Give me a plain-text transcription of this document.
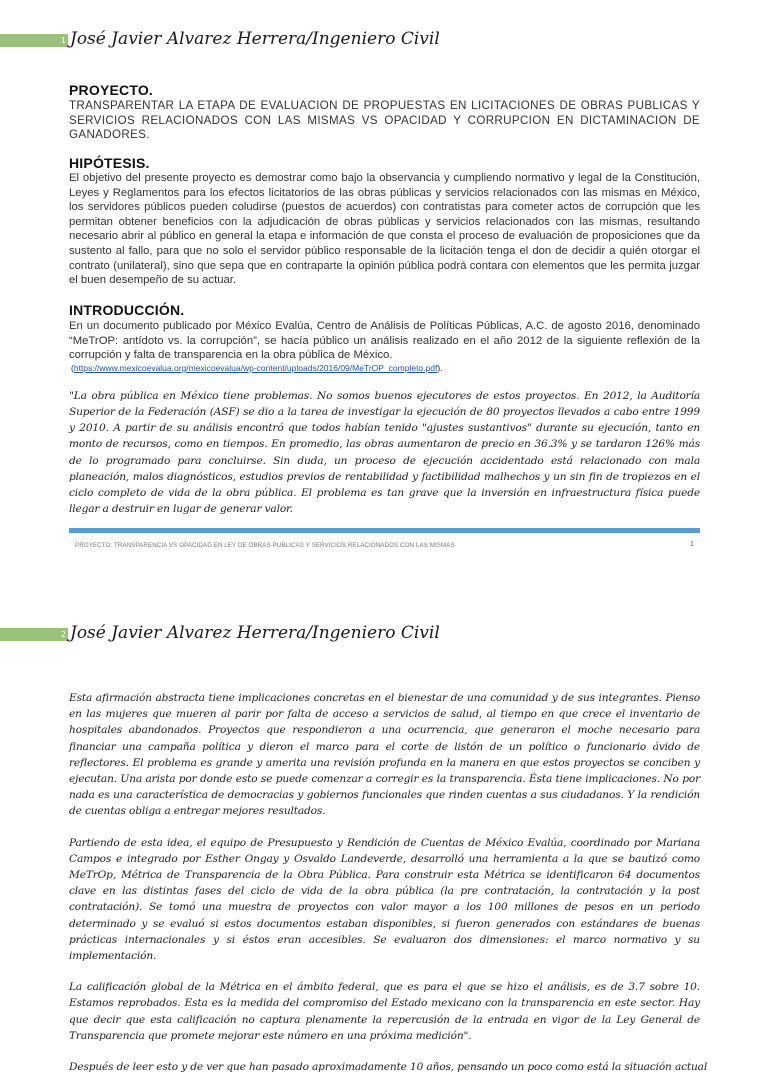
1 José Javier Alvarez Herrera/Ingeniero Civil
PROYECTO.

TRANSPARENTAR LA ETAPA DE EVALUACION DE PROPUESTAS EN LICITACIONES DE OBRAS PUBLICAS Y SERVICIOS RELACIONADOS CON LAS MISMAS VS OPACIDAD Y CORRUPCION EN DICTAMINACION DE GANADORES.

HIPÓTESIS.

El objetivo del presente proyecto es demostrar como bajo la observancia y cumpliendo normativo y legal de la Constitución, Leyes y Reglamentos para los efectos licitatorios de las obras públicas y servicios relacionados con las mismas en México, los servidores públicos pueden coludirse (puestos de acuerdos) con contratistas para cometer actos de corrupción que les permitan obtener beneficios con la adjudicación de obras públicas y servicios relacionados con las mismas, resultando necesario abrir al público en general la etapa e información de que consta el proceso de evaluación de proposiciones que da sustento al fallo, para que no solo el servidor público responsable de la licitación tenga el don de decidir a quién otorgar el contrato (unilateral), sino que sepa que en contraparte la opinión pública podrá contara con elementos que les permita juzgar el buen desempeño de su actuar.

INTRODUCCIÓN.

En un documento publicado por México Evalúa, Centro de Análisis de Políticas Públicas, A.C. de agosto 2016, denominado “MeTrOP: antídoto vs. la corrupción”, se hacía público un análisis realizado en el año 2012 de la siguiente reflexión de la corrupción y falta de transparencia en la obra pública de México.

(https://www.mexicoevalua.org/mexicoevalua/wp-content/uploads/2016/09/MeTrOP_completo.pdf).

"La obra pública en México tiene problemas. No somos buenos ejecutores de estos proyectos. En 2012, la Auditoría Superior de la Federación (ASF) se dio a la tarea de investigar la ejecución de 80 proyectos llevados a cabo entre 1999 y 2010. A partir de su análisis encontró que todos habían tenido "ajustes sustantivos" durante su ejecución, tanto en monto de recursos, como en tiempos. En promedio, las obras aumentaron de precio en 36.3% y se tardaron 126% más de lo programado para concluirse. Sin duda, un proceso de ejecución accidentado está relacionado con mala planeación, malos diagnósticos, estudios previos de rentabilidad y factibilidad malhechos y un sin fin de tropiezos en el ciclo completo de vida de la obra pública. El problema es tan grave que la inversión en infraestructura física puede llegar a destruir en lugar de generar valor.

PROYECTO: TRANSPARENCIA VS OPACIDAD EN LEY DE OBRAS PUBLICAS Y SERVICIOS RELACIONADOS CON LAS MISMAS	1
2 José Javier Alvarez Herrera/Ingeniero Civil

Esta afirmación abstracta tiene implicaciones concretas en el bienestar de una comunidad y de sus integrantes. Pienso en las mujeres que mueren al parir por falta de acceso a servicios de salud, al tiempo en que crece el inventario de hospitales abandonados. Proyectos que respondieron a una ocurrencia, que generaron el moche necesario para financiar una campaña política y dieron el marco para el corte de listón de un político o funcionario ávido de reflectores. El problema es grande y amerita una revisión profunda en la manera en que estos proyectos se conciben y ejecutan. Una arista por donde esto se puede comenzar a corregir es la transparencia. Ésta tiene implicaciones. No por nada es una característica de democracias y gobiernos funcionales que rinden cuentas a sus ciudadanos. Y la rendición de cuentas obliga a entregar mejores resultados.

Partiendo de esta idea, el equipo de Presupuesto y Rendición de Cuentas de México Evalúa, coordinado por Mariana Campos e integrado por Esther Ongay y Osvaldo Landeverde, desarrolló una herramienta a la que se bautizó como MeTrOp, Métrica de Transparencia de la Obra Pública. Para construir esta Métrica se identificaron 64 documentos clave en las distintas fases del ciclo de vida de la obra pública (la pre contratación, la contratación y la post contratación). Se tomó una muestra de proyectos con valor mayor a los 100 millones de pesos en un periodo determinado y se evaluó si estos documentos estaban disponibles, si fueron generados con estándares de buenas prácticas internacionales y si éstos eran accesibles. Se evaluaron dos dimensiones: el marco normativo y su implementación.

La calificación global de la Métrica en el ámbito federal, que es para el que se hizo el análisis, es de 3.7 sobre 10. Estamos reprobados. Esta es la medida del compromiso del Estado mexicano con la transparencia en este sector. Hay que decir que esta calificación no captura plenamente la repercusión de la entrada en vigor de la Ley General de Transparencia que promete mejorar este número en una próxima medición".

Después de leer esto y de ver que han pasado aproximadamente 10 años, pensando un poco como está la situación actual
